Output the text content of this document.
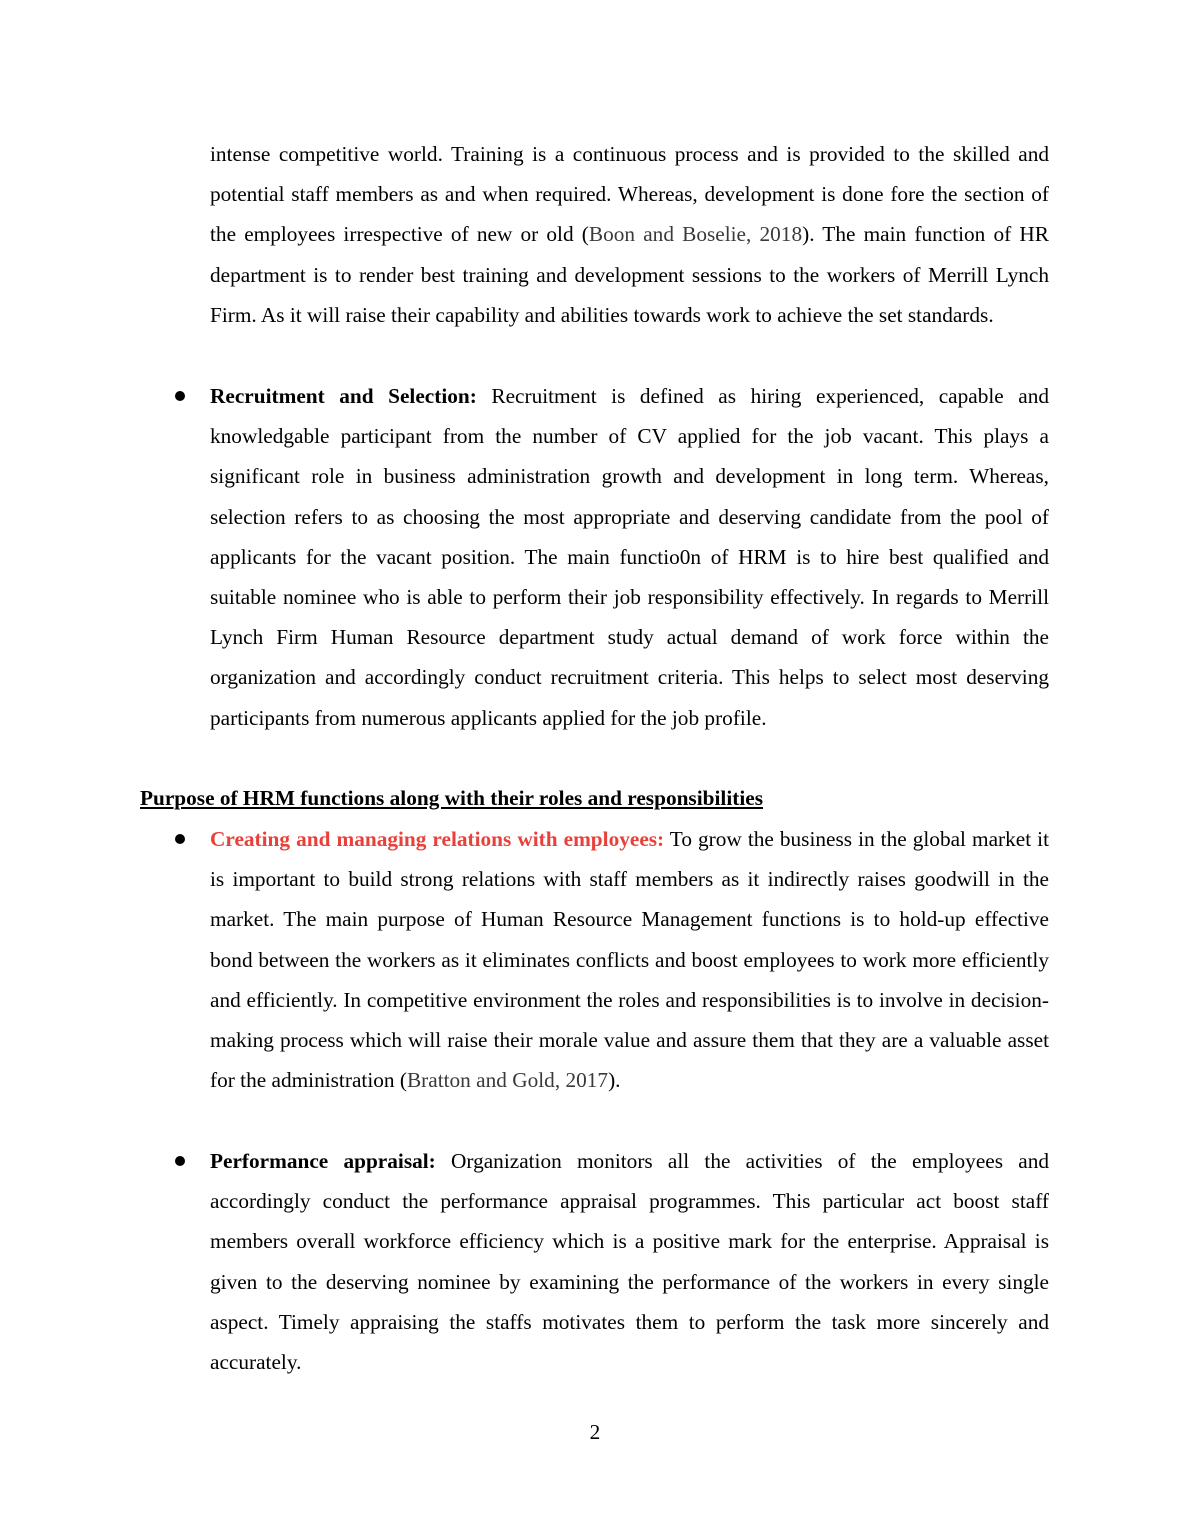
intense competitive world. Training is a continuous process and is provided to the skilled and potential staff members as and when required. Whereas, development is done fore the section of the employees irrespective of new or old (Boon and Boselie, 2018). The main function of HR department is to render best training and development sessions to the workers of Merrill Lynch Firm. As it will raise their capability and abilities towards work to achieve the set standards.

Recruitment and Selection: Recruitment is defined as hiring experienced, capable and knowledgable participant from the number of CV applied for the job vacant. This plays a significant role in business administration growth and development in long term. Whereas, selection refers to as choosing the most appropriate and deserving candidate from the pool of applicants for the vacant position. The main functio0n of HRM is to hire best qualified and suitable nominee who is able to perform their job responsibility effectively. In regards to Merrill Lynch Firm Human Resource department study actual demand of work force within the organization and accordingly conduct recruitment criteria. This helps to select most deserving participants from numerous applicants applied for the job profile.

Purpose of HRM functions along with their roles and responsibilities

Creating and managing relations with employees: To grow the business in the global market it is important to build strong relations with staff members as it indirectly raises goodwill in the market. The main purpose of Human Resource Management functions is to hold-up effective bond between the workers as it eliminates conflicts and boost employees to work more efficiently and efficiently. In competitive environment the roles and responsibilities is to involve in decision-making process which will raise their morale value and assure them that they are a valuable asset for the administration (Bratton and Gold, 2017).

Performance appraisal: Organization monitors all the activities of the employees and accordingly conduct the performance appraisal programmes. This particular act boost staff members overall workforce efficiency which is a positive mark for the enterprise. Appraisal is given to the deserving nominee by examining the performance of the workers in every single aspect. Timely appraising the staffs motivates them to perform the task more sincerely and accurately.

2
